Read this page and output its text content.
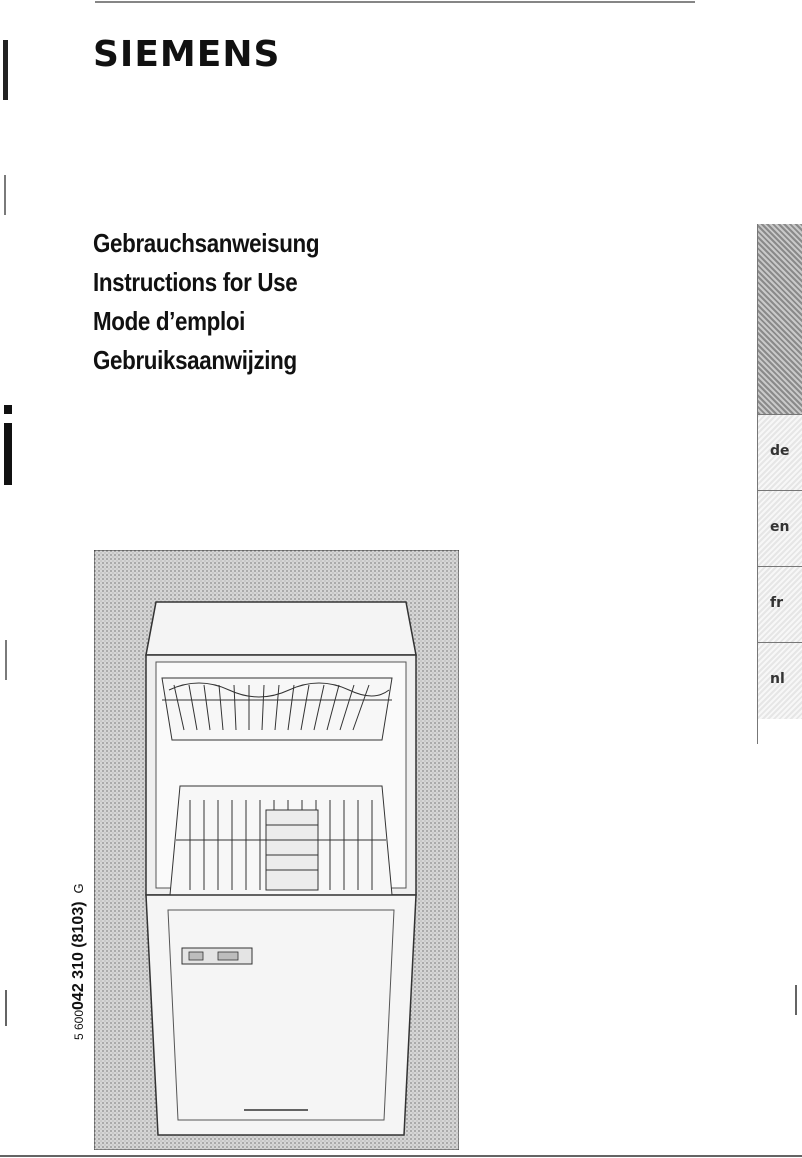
SIEMENS
Gebrauchsanweisung
Instructions for Use
Mode d’emploi
Gebruiksaanwijzing
de
en
fr
nl
5 600042 310 (8103)G
